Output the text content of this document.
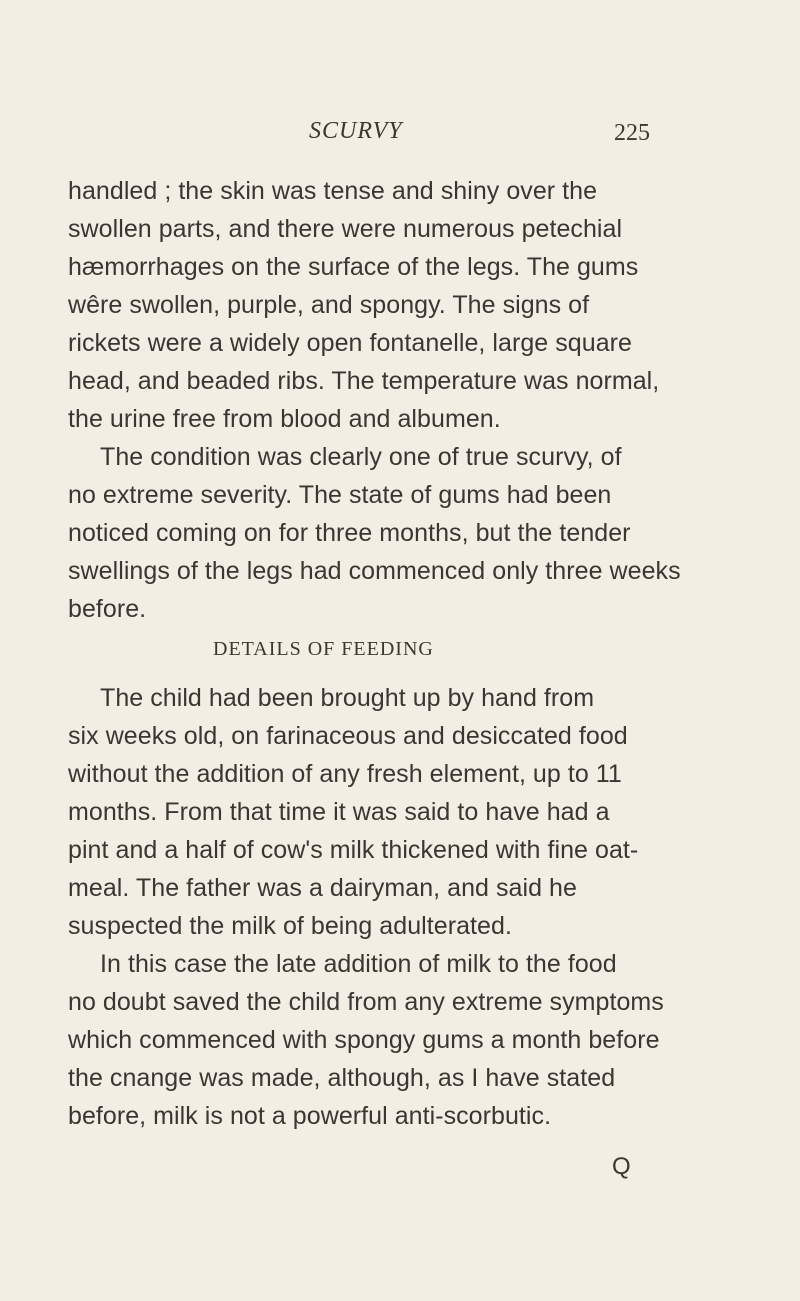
SCURVY	225
handled ; the skin was tense and shiny over the
swollen parts, and there were numerous petechial
hæmorrhages on the surface of the legs. The gums
wêre swollen, purple, and spongy. The signs of
rickets were a widely open fontanelle, large square
head, and beaded ribs. The temperature was normal,
the urine free from blood and albumen.
The condition was clearly one of true scurvy, of
no extreme severity. The state of gums had been
noticed coming on for three months, but the tender
swellings of the legs had commenced only three weeks
before.
DETAILS OF FEEDING
The child had been brought up by hand from
six weeks old, on farinaceous and desiccated food
without the addition of any fresh element, up to 11
months. From that time it was said to have had a
pint and a half of cow's milk thickened with fine oat-
meal. The father was a dairyman, and said he
suspected the milk of being adulterated.
In this case the late addition of milk to the food
no doubt saved the child from any extreme symptoms
which commenced with spongy gums a month before
the cnange was made, although, as I have stated
before, milk is not a powerful anti-scorbutic.
Q
